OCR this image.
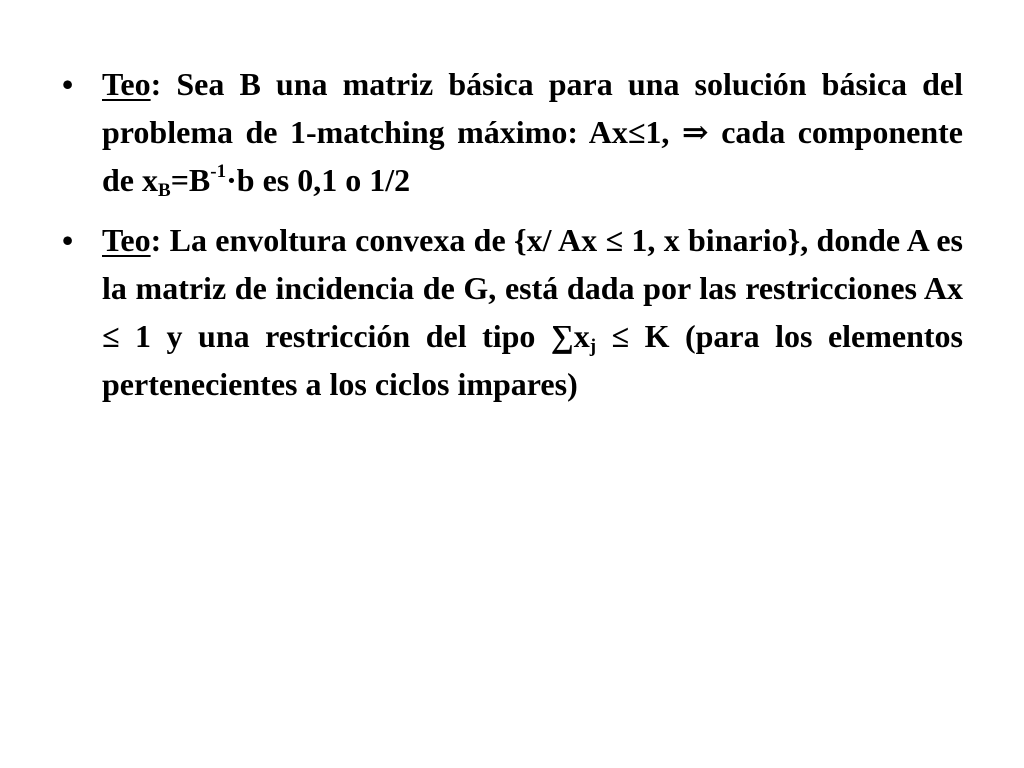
• Teo: Sea B una matriz básica para una solución básica del problema de 1-matching máximo: Ax≤1, ⇒ cada componente de $x_B=B^{-1}\cdot b$ es 0,1 o 1/2
• Teo: La envoltura convexa de {x/ Ax ≤ 1, x binario}, donde A es la matriz de incidencia de G, está dada por las restricciones Ax ≤ 1 y una restricción del tipo $\sum x_j \le K$ (para los elementos pertenecientes a los ciclos impares)
